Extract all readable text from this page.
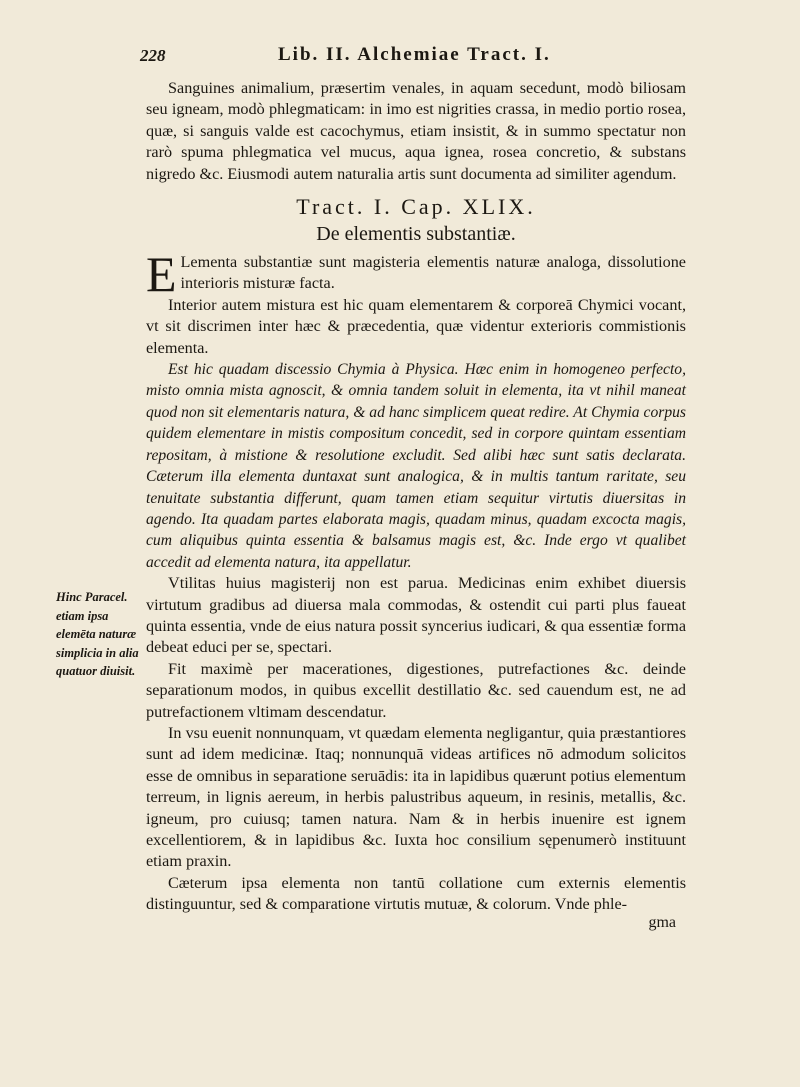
228	Lib. II. Alchemiae Tract. I.

Sanguines animalium, præsertim venales, in aquam secedunt, modò biliosam seu igneam, modò phlegmaticam: in imo est nigrities crassa, in medio portio rosea, quæ, si sanguis valde est cacochymus, etiam insistit, & in summo spectatur non rarò spuma phlegmatica vel mucus, aqua ignea, rosea concretio, & substans nigredo &c. Eiusmodi autem naturalia artis sunt documenta ad similiter agendum.

Tract. I. Cap. XLIX.
De elementis substantiæ.

E Lementa substantiæ sunt magisteria elementis naturæ analoga, dissolutione interioris misturæ facta.

Interior autem mistura est hic quam elementarem & corporeā Chymici vocant, vt sit discrimen inter hæc & præcedentia, quæ videntur exterioris commistionis elementa.

Est hic quadam discessio Chymia à Physica. Hæc enim in homogeneo perfecto, misto omnia mista agnoscit, & omnia tandem soluit in elementa, ita vt nihil maneat quod non sit elementaris natura, & ad hanc simplicem queat redire. At Chymia corpus quidem elementare in mistis compositum concedit, sed in corpore quintam essentiam repositam, à mistione & resolutione excludit. Sed alibi hæc sunt satis declarata. Cæterum illa elementa duntaxat sunt analogica, & in multis tantum raritate, seu tenuitate substantia differunt, quam tamen etiam sequitur virtutis diuersitas in agendo. Ita quadam partes elaborata magis, quadam minus, quadam excocta magis, cum aliquibus quinta essentia & balsamus magis est, &c. Inde ergo vt qualibet accedit ad elementa natura, ita appellatur.

Vtilitas huius magisterij non est parua. Medicinas enim exhibet diuersis virtutum gradibus ad diuersa mala commodas, & ostendit cui parti plus faueat quinta essentia, vnde de eius natura possit syncerius iudicari, & qua essentiæ forma debeat educi per se, spectari.

Fit maximè per macerationes, digestiones, putrefactiones &c. deinde separationum modos, in quibus excellit destillatio &c. sed cauendum est, ne ad putrefactionem vltimam descendatur.

In vsu euenit nonnunquam, vt quædam elementa negligantur, quia præstantiores sunt ad idem medicinæ. Itaq; nonnunquā videas artifices nō admodum solicitos esse de omnibus in separatione seruādis: ita in lapidibus quærunt potius elementum terreum, in lignis aereum, in herbis palustribus aqueum, in resinis, metallis, &c. igneum, pro cuiusq; tamen natura. Nam & in herbis inuenire est ignem excellentiorem, & in lapidibus &c. Iuxta hoc consilium sępenumerò instituunt etiam praxin.

Cæterum ipsa elementa non tantū collatione cum externis elementis distinguuntur, sed & comparatione virtutis mutuæ, & colorum. Vnde phle-

gma
Hinc Paracel. etiam ipsa elemēta naturæ simplicia in alia quatuor diuisit.
